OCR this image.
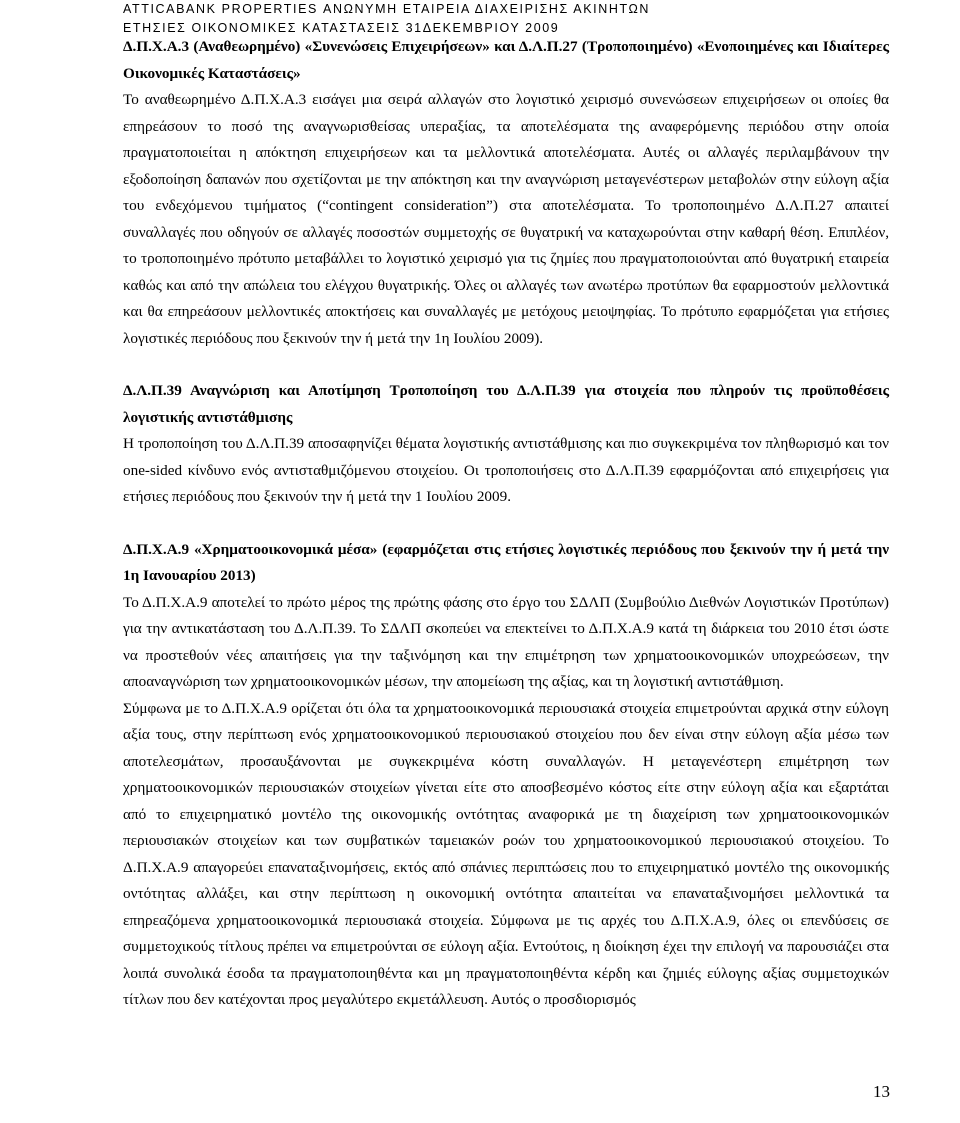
ATTICABANK PROPERTIES ΑΝΩΝΥΜΗ ΕΤΑΙΡΕΙΑ ΔΙΑΧΕΙΡΙΣΗΣ ΑΚΙΝΗΤΩΝ
ΕΤΗΣΙΕΣ ΟΙΚΟΝΟΜΙΚΕΣ ΚΑΤΑΣΤΑΣΕΙΣ 31ΔΕΚΕΜΒΡΙΟΥ 2009

Δ.Π.Χ.Α.3 (Αναθεωρημένο) «Συνενώσεις Επιχειρήσεων» και Δ.Λ.Π.27 (Τροποποιημένο) «Ενοποιημένες και Ιδιαίτερες Οικονομικές Καταστάσεις»

Το αναθεωρημένο Δ.Π.Χ.Α.3 εισάγει μια σειρά αλλαγών στο λογιστικό χειρισμό συνενώσεων επιχειρήσεων οι οποίες θα επηρεάσουν το ποσό της αναγνωρισθείσας υπεραξίας, τα αποτελέσματα της αναφερόμενης περιόδου στην οποία πραγματοποιείται η απόκτηση επιχειρήσεων και τα μελλοντικά αποτελέσματα. Αυτές οι αλλαγές περιλαμβάνουν την εξοδοποίηση δαπανών που σχετίζονται με την απόκτηση και την αναγνώριση μεταγενέστερων μεταβολών στην εύλογη αξία του ενδεχόμενου τιμήματος (“contingent consideration”) στα αποτελέσματα. Το τροποποιημένο Δ.Λ.Π.27 απαιτεί συναλλαγές που οδηγούν σε αλλαγές ποσοστών συμμετοχής σε θυγατρική να καταχωρούνται στην καθαρή θέση. Επιπλέον, το τροποποιημένο πρότυπο μεταβάλλει το λογιστικό χειρισμό για τις ζημίες που πραγματοποιούνται από θυγατρική εταιρεία καθώς και από την απώλεια του ελέγχου θυγατρικής. Όλες οι αλλαγές των ανωτέρω προτύπων θα εφαρμοστούν μελλοντικά και θα επηρεάσουν μελλοντικές αποκτήσεις και συναλλαγές με μετόχους μειοψηφίας. Το πρότυπο εφαρμόζεται για ετήσιες λογιστικές περιόδους που ξεκινούν την ή μετά την 1η Ιουλίου 2009).

Δ.Λ.Π.39 Αναγνώριση και Αποτίμηση Τροποποίηση του Δ.Λ.Π.39 για στοιχεία που πληρούν τις προϋποθέσεις λογιστικής αντιστάθμισης

Η τροποποίηση του Δ.Λ.Π.39 αποσαφηνίζει θέματα λογιστικής αντιστάθμισης και πιο συγκεκριμένα τον πληθωρισμό και τον one-sided κίνδυνο ενός αντισταθμιζόμενου στοιχείου. Οι τροποποιήσεις στο Δ.Λ.Π.39 εφαρμόζονται από επιχειρήσεις για ετήσιες περιόδους που ξεκινούν την ή μετά την 1 Ιουλίου 2009.

Δ.Π.Χ.Α.9 «Χρηματοοικονομικά μέσα» (εφαρμόζεται στις ετήσιες λογιστικές περιόδους που ξεκινούν την ή μετά την 1η Ιανουαρίου 2013)

Το Δ.Π.Χ.Α.9 αποτελεί το πρώτο μέρος της πρώτης φάσης στο έργο του ΣΔΛΠ (Συμβούλιο Διεθνών Λογιστικών Προτύπων) για την αντικατάσταση του Δ.Λ.Π.39. Το ΣΔΛΠ σκοπεύει να επεκτείνει το Δ.Π.Χ.Α.9 κατά τη διάρκεια του 2010 έτσι ώστε να προστεθούν νέες απαιτήσεις για την ταξινόμηση και την επιμέτρηση των χρηματοοικονομικών υποχρεώσεων, την αποαναγνώριση των χρηματοοικονομικών μέσων, την απομείωση της αξίας, και τη λογιστική αντιστάθμιση.

Σύμφωνα με το Δ.Π.Χ.Α.9 ορίζεται ότι όλα τα χρηματοοικονομικά περιουσιακά στοιχεία επιμετρούνται αρχικά στην εύλογη αξία τους, στην περίπτωση ενός χρηματοοικονομικού περιουσιακού στοιχείου που δεν είναι στην εύλογη αξία μέσω των αποτελεσμάτων, προσαυξάνονται με συγκεκριμένα κόστη συναλλαγών. Η μεταγενέστερη επιμέτρηση των χρηματοοικονομικών περιουσιακών στοιχείων γίνεται είτε στο αποσβεσμένο κόστος είτε στην εύλογη αξία και εξαρτάται από το επιχειρηματικό μοντέλο της οικονομικής οντότητας αναφορικά με τη διαχείριση των χρηματοοικονομικών περιουσιακών στοιχείων και των συμβατικών ταμειακών ροών του χρηματοοικονομικού περιουσιακού στοιχείου. Το Δ.Π.Χ.Α.9 απαγορεύει επαναταξινομήσεις, εκτός από σπάνιες περιπτώσεις που το επιχειρηματικό μοντέλο της οικονομικής οντότητας αλλάξει, και στην περίπτωση η οικονομική οντότητα απαιτείται να επαναταξινομήσει μελλοντικά τα επηρεαζόμενα χρηματοοικονομικά περιουσιακά στοιχεία. Σύμφωνα με τις αρχές του Δ.Π.Χ.Α.9, όλες οι επενδύσεις σε συμμετοχικούς τίτλους πρέπει να επιμετρούνται σε εύλογη αξία. Εντούτοις, η διοίκηση έχει την επιλογή να παρουσιάζει στα λοιπά συνολικά έσοδα τα πραγματοποιηθέντα και μη πραγματοποιηθέντα κέρδη και ζημιές εύλογης αξίας συμμετοχικών τίτλων που δεν κατέχονται προς μεγαλύτερο εκμετάλλευση. Αυτός ο προσδιορισμός

13
